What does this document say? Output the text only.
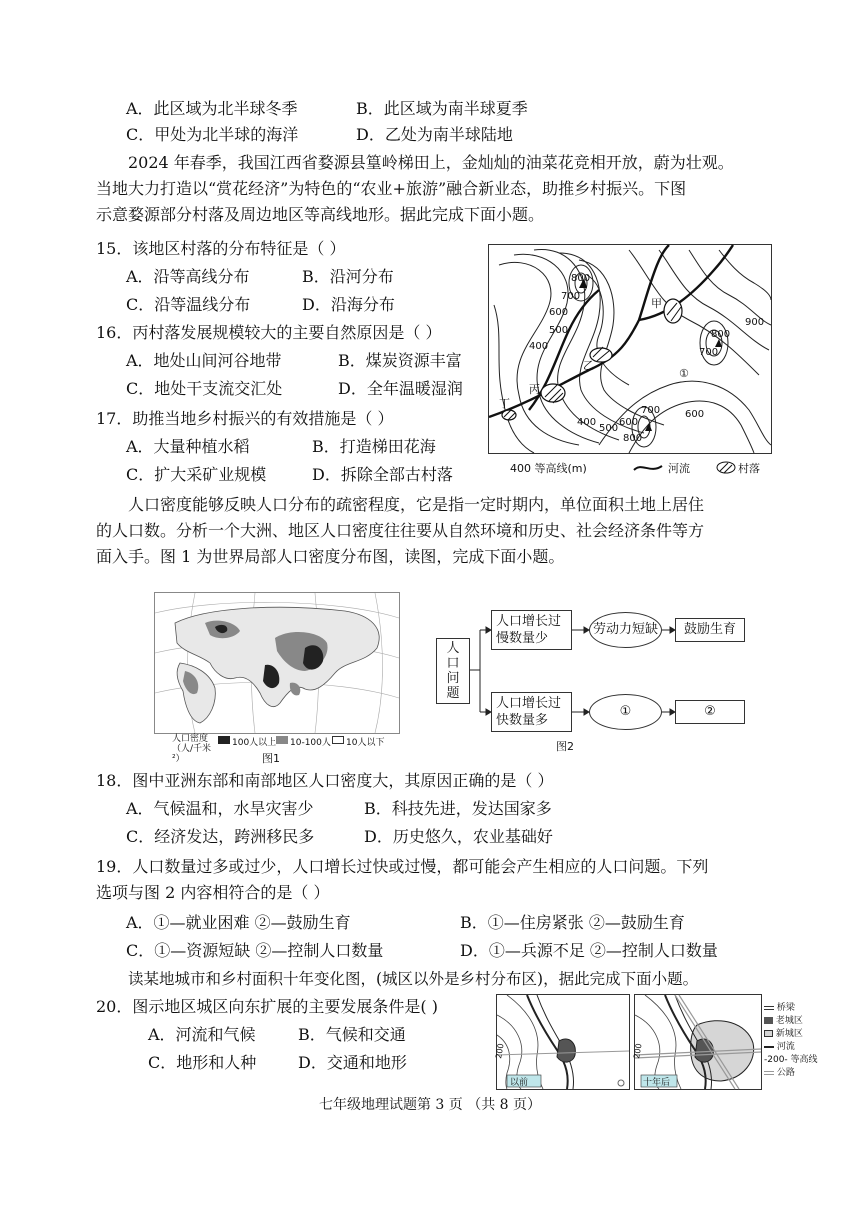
A．此区域为北半球冬季	B．此区域为南半球夏季
C．甲处为北半球的海洋	D．乙处为南半球陆地
2024 年春季，我国江西省婺源县篁岭梯田上，金灿灿的油菜花竞相开放，蔚为壮观。
当地大力打造以“赏花经济”为特色的“农业+旅游”融合新业态，助推乡村振兴。下图
示意婺源部分村落及周边地区等高线地形。据此完成下面小题。
15．该地区村落的分布特征是（ ）
A．沿等高线分布	B．沿河分布
C．沿等温线分布	D．沿海分布
16．丙村落发展规模较大的主要自然原因是（ ）
A．地处山间河谷地带	B．煤炭资源丰富
C．地处干支流交汇处	D．全年温暖湿润
17．助推当地乡村振兴的有效措施是（ ）
A．大量种植水稻	B．打造梯田花海
C．扩大采矿业规模	D．拆除全部古村落
800
700
600
500
400
700
800
900
400
500
600
700
800
600
甲
乙
丙
丁
①
400 等高线(m)	河流	村落
人口密度能够反映人口分布的疏密程度，它是指一定时期内，单位面积土地上居住
的人口数。分析一个大洲、地区人口密度往往要从自然环境和历史、社会经济条件等方
面入手。图 1 为世界局部人口密度分布图，读图，完成下面小题。
人口密度（人/千米²）
100人以上 10-100人 10人以下
图1
人口问题
人口增长过慢数量少
劳动力短缺	鼓励生育
人口增长过快数量多
①	②
图2
18．图中亚洲东部和南部地区人口密度大，其原因正确的是（ ）
A．气候温和，水旱灾害少	B．科技先进，发达国家多
C．经济发达，跨洲移民多	D．历史悠久，农业基础好
19．人口数量过多或过少，人口增长过快或过慢，都可能会产生相应的人口问题。下列
选项与图 2 内容相符合的是（ ）
A．①—就业困难 ②—鼓励生育	B．①—住房紧张 ②—鼓励生育
C．①—资源短缺 ②—控制人口数量	D．①—兵源不足 ②—控制人口数量
读某地城市和乡村面积十年变化图，(城区以外是乡村分布区)，据此完成下面小题。
20．图示地区城区向东扩展的主要发展条件是( )
A．河流和气候	B．气候和交通
C．地形和人种	D．交通和地形
以前
200
十年后
200
桥梁
老城区
新城区
河流
-200- 等高线
公路
七年级地理试题第 3 页 （共 8 页）
